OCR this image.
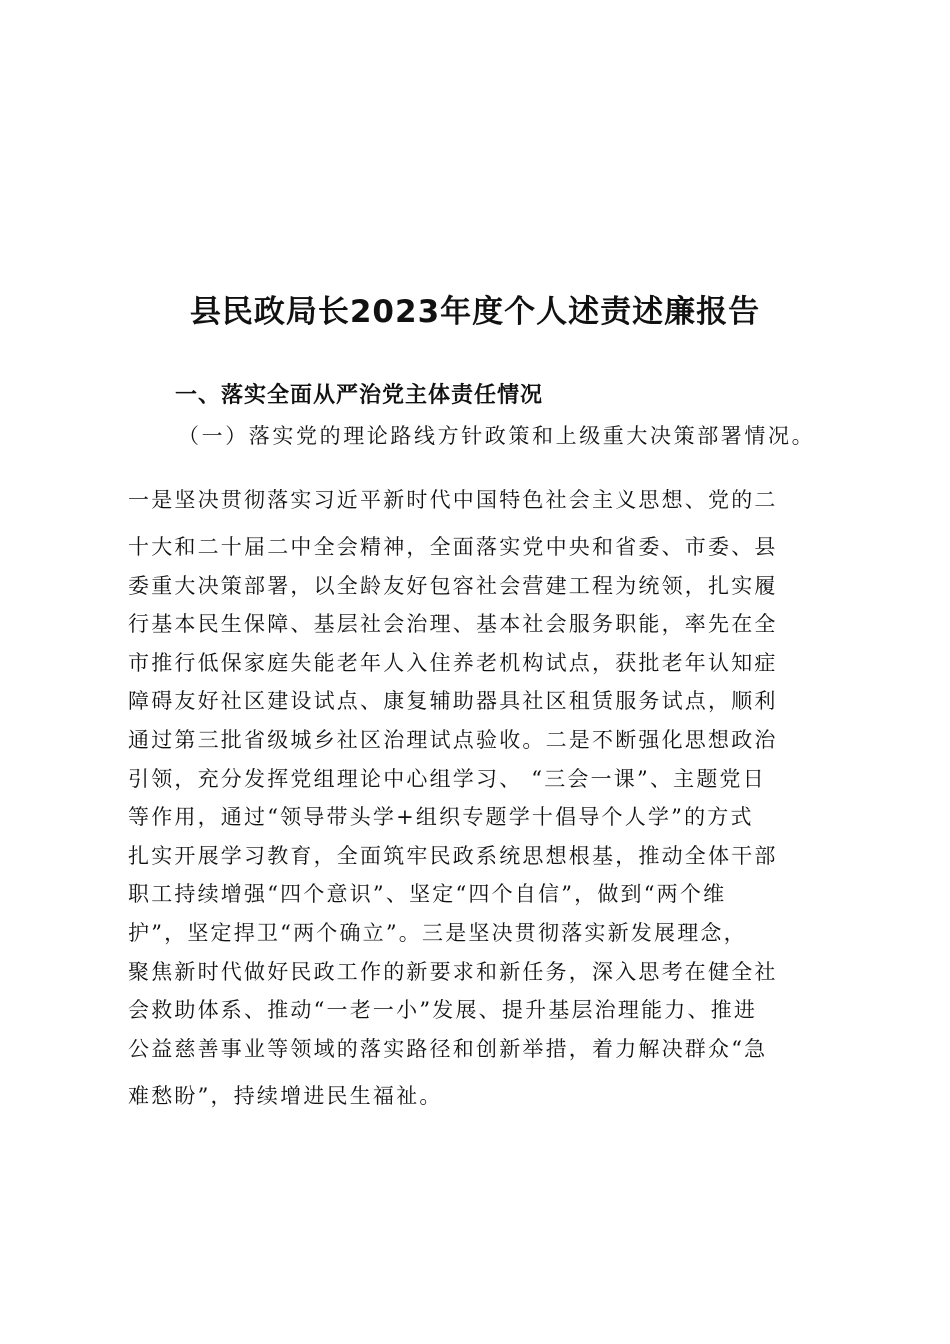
县民政局长2023年度个人述责述廉报告
一、落实全面从严治党主体责任情况

（一）落实党的理论路线方针政策和上级重大决策部署情况。

一是坚决贯彻落实习近平新时代中国特色社会主义思想、党的二
十大和二十届二中全会精神，全面落实党中央和省委、市委、县
委重大决策部署，以全龄友好包容社会营建工程为统领，扎实履
行基本民生保障、基层社会治理、基本社会服务职能，率先在全
市推行低保家庭失能老年人入住养老机构试点，获批老年认知症
障碍友好社区建设试点、康复辅助器具社区租赁服务试点，顺利
通过第三批省级城乡社区治理试点验收。二是不断强化思想政治
引领，充分发挥党组理论中心组学习、 “三会一课”、主题党日
等作用，通过“领导带头学+组织专题学十倡导个人学”的方式
扎实开展学习教育，全面筑牢民政系统思想根基，推动全体干部
职工持续增强“四个意识”、坚定“四个自信”，做到“两个维
护”，坚定捍卫“两个确立”。三是坚决贯彻落实新发展理念，
聚焦新时代做好民政工作的新要求和新任务，深入思考在健全社
会救助体系、推动“一老一小”发展、提升基层治理能力、推进
公益慈善事业等领域的落实路径和创新举措，着力解决群众“急
难愁盼”，持续增进民生福祉。
